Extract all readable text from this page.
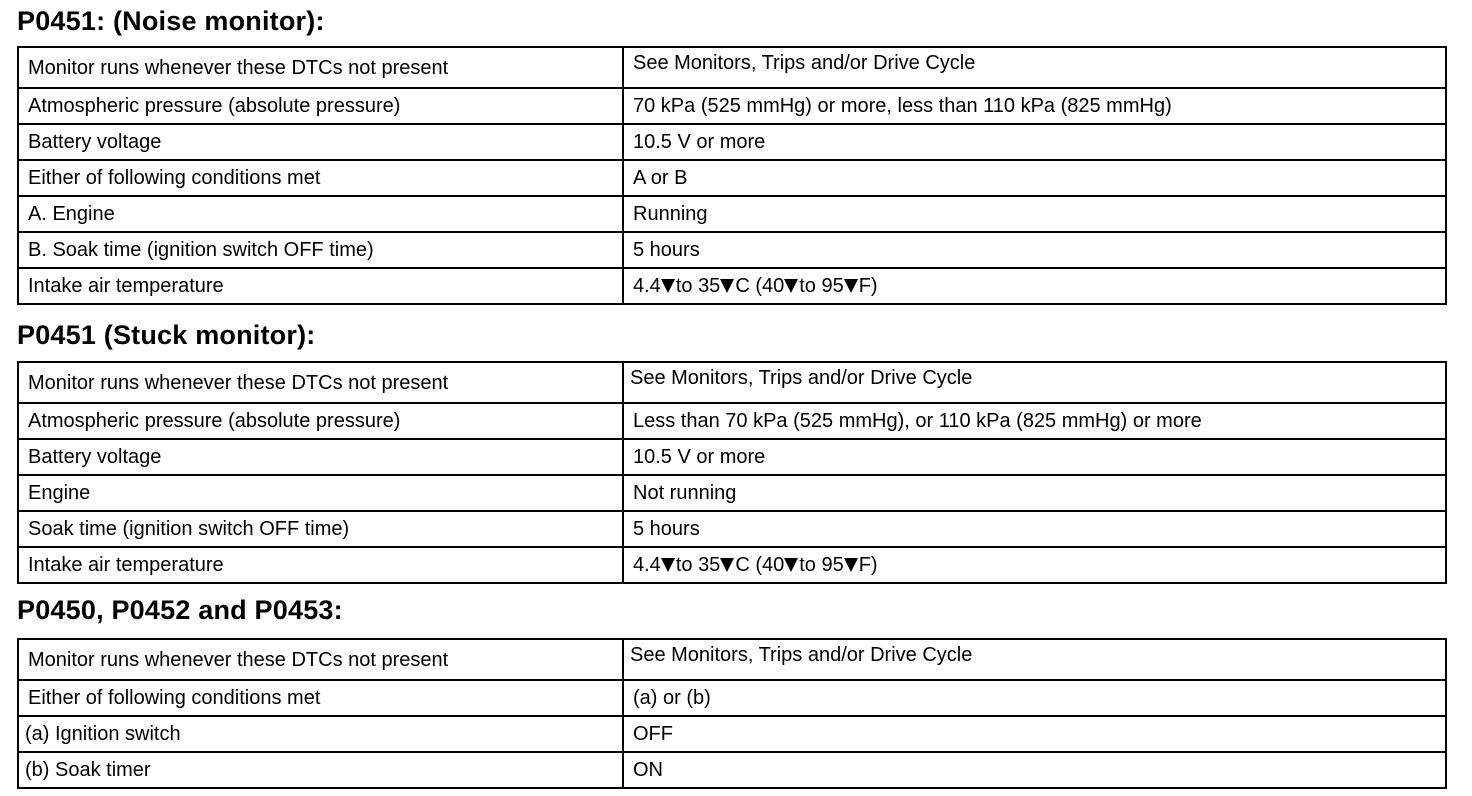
P0451: (Noise monitor):
Monitor runs whenever these DTCs not present	See Monitors, Trips and/or Drive Cycle
Atmospheric pressure (absolute pressure)	70 kPa (525 mmHg) or more, less than 110 kPa (825 mmHg)
Battery voltage	10.5 V or more
Either of following conditions met	A or B
A. Engine	Running
B. Soak time (ignition switch OFF time)	5 hours
Intake air temperature	4.4 to 35 C (40 to 95 F)
P0451 (Stuck monitor):
Monitor runs whenever these DTCs not present	See Monitors, Trips and/or Drive Cycle
Atmospheric pressure (absolute pressure)	Less than 70 kPa (525 mmHg), or 110 kPa (825 mmHg) or more
Battery voltage	10.5 V or more
Engine	Not running
Soak time (ignition switch OFF time)	5 hours
Intake air temperature	4.4 to 35 C (40 to 95 F)
P0450, P0452 and P0453:
Monitor runs whenever these DTCs not present	See Monitors, Trips and/or Drive Cycle
Either of following conditions met	(a) or (b)
(a) Ignition switch	OFF
(b) Soak timer	ON
